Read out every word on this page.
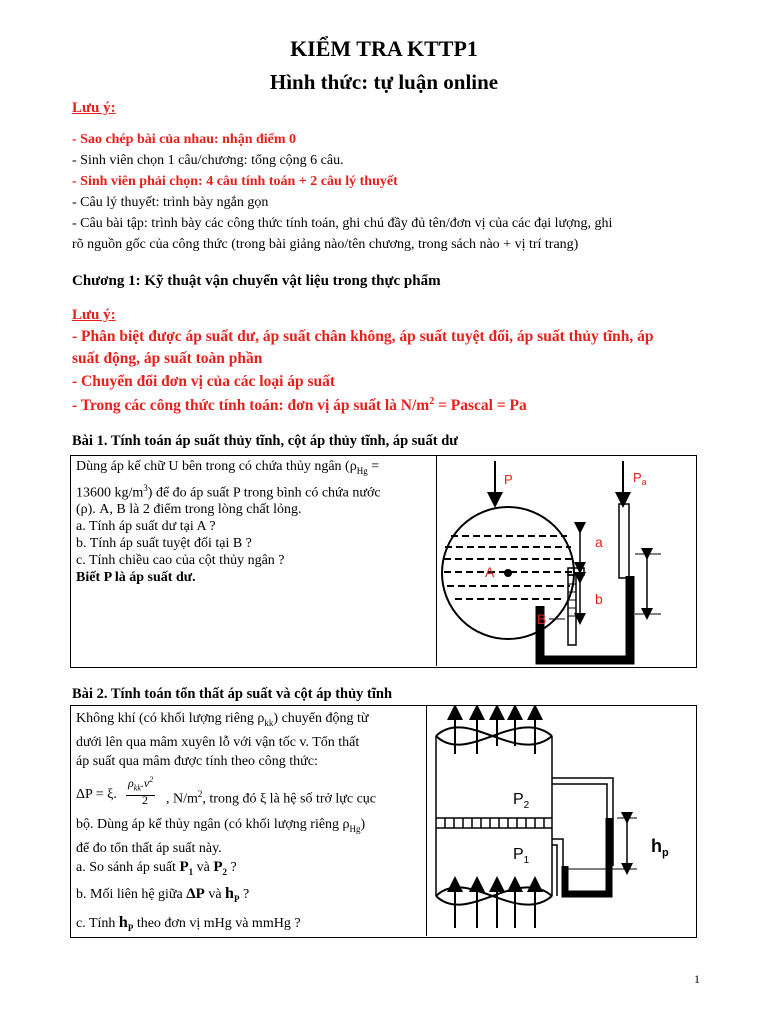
KIỂM TRA KTTP1
Hình thức: tự luận online
Lưu ý:
- Sao chép bài của nhau: nhận điểm 0
- Sinh viên chọn 1 câu/chương: tổng cộng 6 câu.
- Sinh viên phải chọn: 4 câu tính toán + 2 câu lý thuyết
- Câu lý thuyết: trình bày ngắn gọn
- Câu bài tập: trình bày các công thức tính toán, ghi chú đầy đủ tên/đơn vị của các đại lượng, ghi
rõ nguồn gốc của công thức (trong bài giảng nào/tên chương, trong sách nào + vị trí trang)
Chương 1: Kỹ thuật vận chuyển vật liệu trong thực phẩm
Lưu ý:
- Phân biệt được áp suất dư, áp suất chân không, áp suất tuyệt đối, áp suất thủy tĩnh, áp
suất động, áp suất toàn phần
- Chuyển đổi đơn vị của các loại áp suất
- Trong các công thức tính toán: đơn vị áp suất là $N/m^2$ = Pascal = Pa
Bài 1. Tính toán áp suất thủy tĩnh, cột áp thủy tĩnh, áp suất dư
Dùng áp kế chữ U bên trong có chứa thủy ngân ($\rho_{Hg}$ =
13600 $kg/m^3$) để đo áp suất P trong bình có chứa nước
(ρ). A, B là 2 điểm trong lòng chất lỏng.
a. Tính áp suất dư tại A ?
b. Tính áp suất tuyệt đối tại B ?
c. Tính chiều cao của cột thủy ngân ?
Biết P là áp suất dư.
P
A
$P_a$
a
b
B
Bài 2. Tính toán tổn thất áp suất và cột áp thủy tĩnh
Không khí (có khối lượng riêng $\rho_{kk}$) chuyển động từ
dưới lên qua mâm xuyên lỗ với vận tốc v. Tổn thất
áp suất qua mâm được tính theo công thức:
ΔP = ξ.
$\rho_{kk}.v^2$
2 , $N/m^2$, trong đó ξ là hệ số trở lực cục
bộ. Dùng áp kế thủy ngân (có khối lượng riêng $\rho_{Hg}$)
để đo tổn thất áp suất này.
a. So sánh áp suất $P_1$ và $P_2$ ?
b. Mối liên hệ giữa ΔP và $h_P$ ?
c. Tính $h_P$ theo đơn vị mHg và mmHg ?
$P_2$
$P_1$
$h_p$
1
